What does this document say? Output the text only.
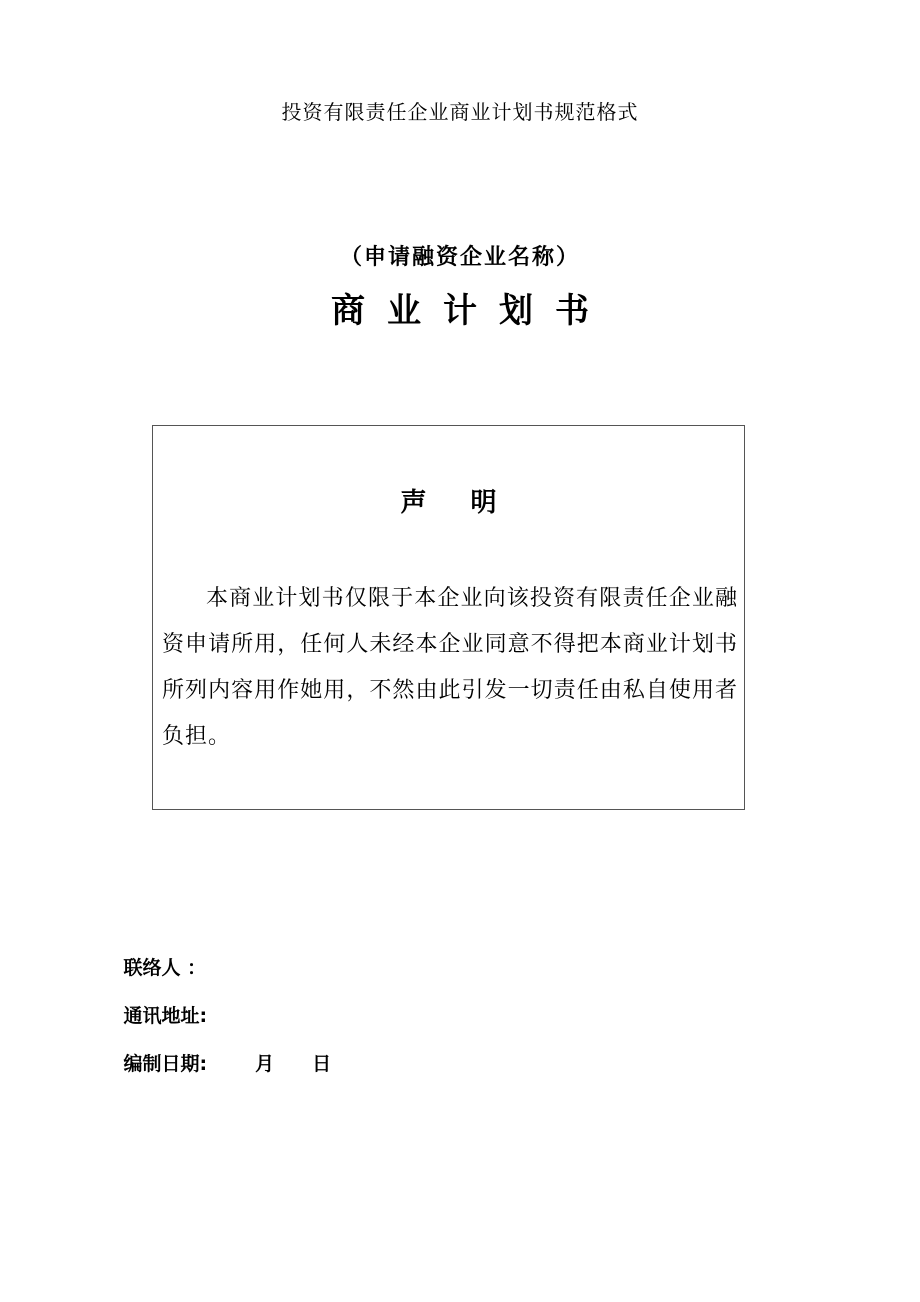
投资有限责任企业商业计划书规范格式
（申请融资企业名称）
商业计划书
声明

本商业计划书仅限于本企业向该投资有限责任企业融资申请所用，任何人未经本企业同意不得把本商业计划书所列内容用作她用，不然由此引发一切责任由私自使用者负担。

联络人 ：

通讯地址:

编制日期:	月 日
